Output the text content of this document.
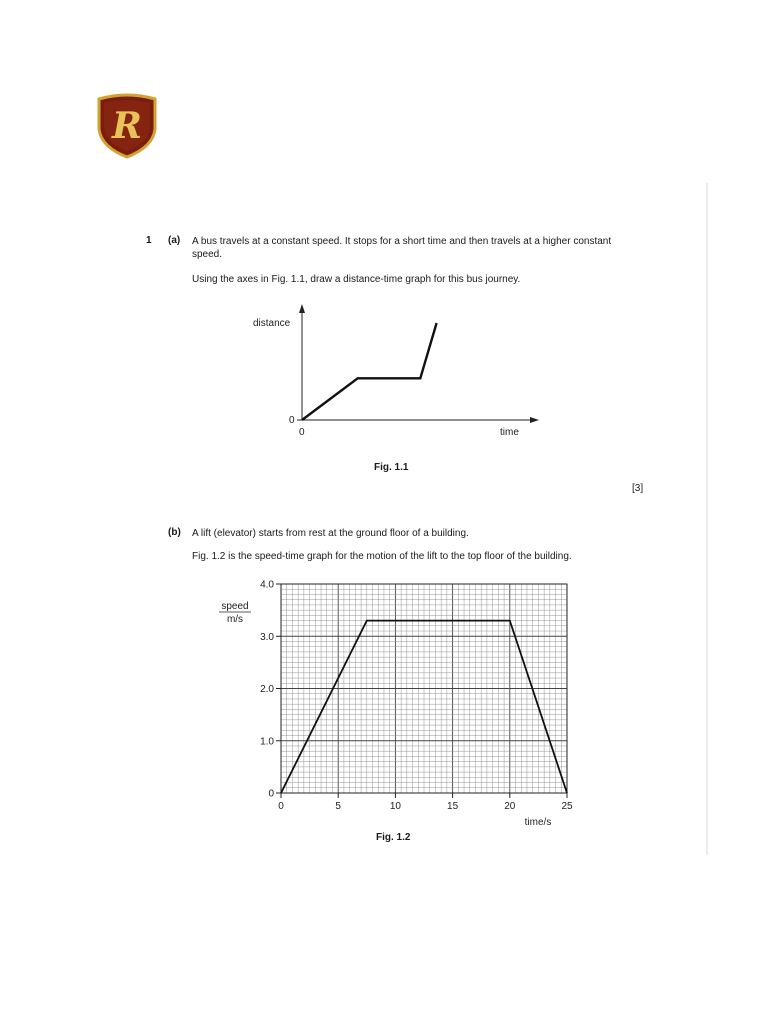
R
1 (a) A bus travels at a constant speed. It stops for a short time and then travels at a higher constant
speed.
Using the axes in Fig. 1.1, draw a distance-time graph for this bus journey.
distance
time
0
0
Fig. 1.1
[3]
(b) A lift (elevator) starts from rest at the ground floor of a building.
Fig. 1.2 is the speed-time graph for the motion of the lift to the top floor of the building.
0	5	10	15	20	25
0
1.0
2.0
3.0
4.0
speed
m/s
time/s
Fig. 1.2
